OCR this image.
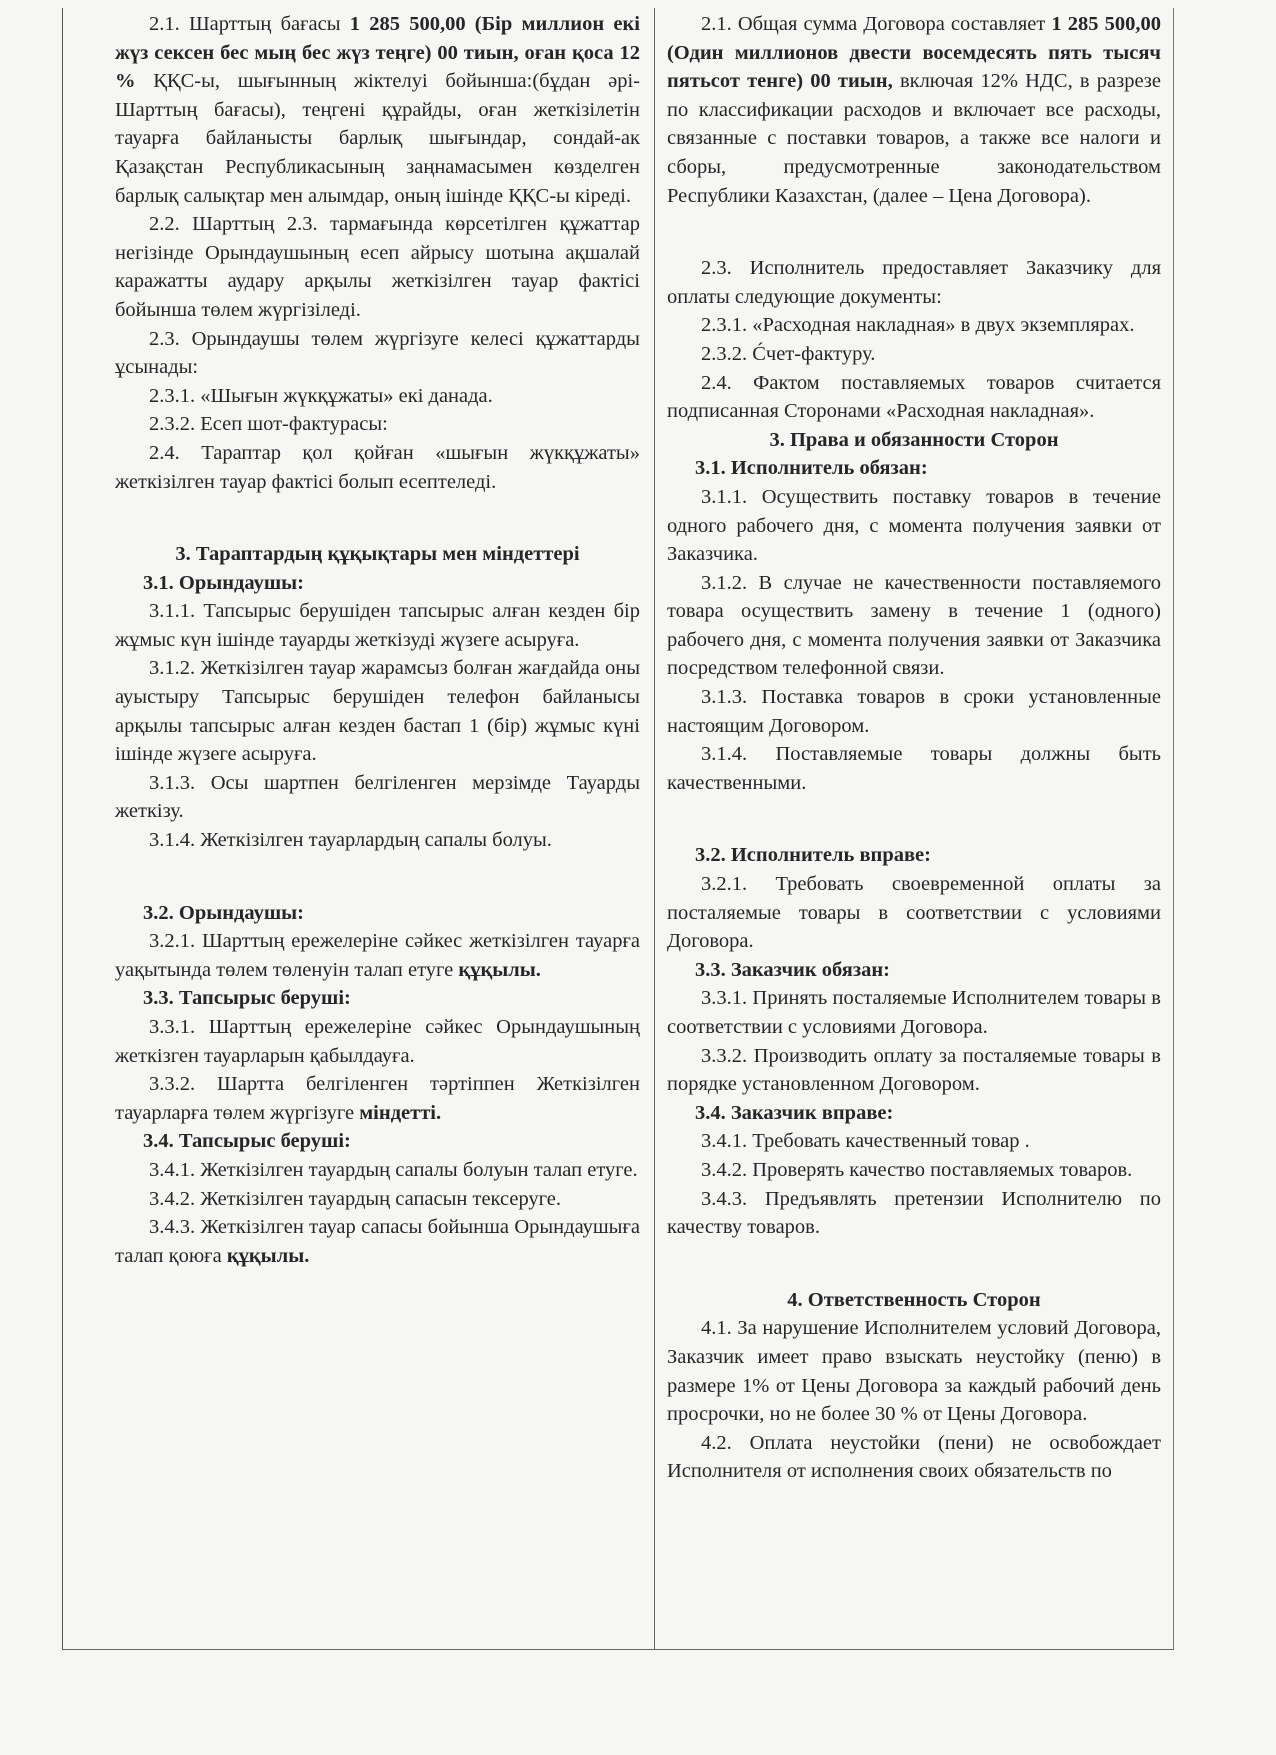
2.1. Шарттың бағасы 1 285 500,00 (Бір миллион екі жүз сексен бес мың бес жүз теңге) 00 тиын, оған қоса 12 % ҚҚС-ы, шығынның жіктелуі бойынша:(бұдан әрі-Шарттың бағасы), теңгені құрайды, оған жеткізілетін тауарға байланысты барлық шығындар, сондай-ак Қазақстан Республикасының заңнамасымен көзделген барлық салықтар мен алымдар, оның ішінде ҚҚС-ы кіреді.

2.2. Шарттың 2.3. тармағында көрсетілген құжаттар негізінде Орындаушының есеп айрысу шотына ақшалай каражатты аудару арқылы жеткізілген тауар фактісі бойынша төлем жүргізіледі.

2.3. Орындаушы төлем жүргізуге келесі құжаттарды ұсынады:

2.3.1. «Шығын жүкқұжаты» екі данада.

2.3.2. Есеп шот-фактурасы:

2.4. Тараптар қол қойған «шығын жүкқұжаты» жеткізілген тауар фактісі болып есептеледі.

3. Тараптардың құқықтары мен міндеттері

3.1. Орындаушы:

3.1.1. Тапсырыс берушіден тапсырыс алған кезден бір жұмыс күн ішінде тауарды жеткізуді жүзеге асыруға.

3.1.2. Жеткізілген тауар жарамсыз болған жағдайда оны ауыстыру Тапсырыс берушіден телефон байланысы арқылы тапсырыс алған кезден бастап 1 (бір) жұмыс күні ішінде жүзеге асыруға.

3.1.3. Осы шартпен белгіленген мерзімде Тауарды жеткізу.

3.1.4. Жеткізілген тауарлардың сапалы болуы.

3.2. Орындаушы:

3.2.1. Шарттың ережелеріне сәйкес жеткізілген тауарға уақытында төлем төленуін талап етуге құқылы.

3.3. Тапсырыс беруші:

3.3.1. Шарттың ережелеріне сәйкес Орындаушының жеткізген тауарларын қабылдауға.

3.3.2. Шартта белгіленген тәртіппен Жеткізілген тауарларға төлем жүргізуге міндетті.

3.4. Тапсырыс беруші:

3.4.1. Жеткізілген тауардың сапалы болуын талап етуге.

3.4.2. Жеткізілген тауардың сапасын тексеруге.

3.4.3. Жеткізілген тауар сапасы бойынша Орындаушыға талап қоюға құқылы.

2.1. Общая сумма Договора составляет 1 285 500,00 (Один миллионов двести восемдесять пять тысяч пятьсот тенге) 00 тиын, включая 12% НДС, в разрезе по классификации расходов и включает все расходы, связанные с поставки товаров, а также все налоги и сборы, предусмотренные законодательством Республики Казахстан, (далее – Цена Договора).

2.3. Исполнитель предоставляет Заказчику для оплаты следующие документы:

2.3.1. «Расходная накладная» в двух экземплярах.

2.3.2. Ćчет-фактуру.

2.4. Фактом поставляемых товаров считается подписанная Сторонами «Расходная накладная».

3. Права и обязанности Сторон

3.1. Исполнитель обязан:

3.1.1. Осуществить поставку товаров в течение одного рабочего дня, с момента получения заявки от Заказчика.

3.1.2. В случае не качественности поставляемого товара осуществить замену в течение 1 (одного) рабочего дня, с момента получения заявки от Заказчика посредством телефонной связи.

3.1.3. Поставка товаров в сроки установленные настоящим Договором.

3.1.4. Поставляемые товары должны быть качественными.

3.2. Исполнитель вправе:

3.2.1. Требовать своевременной оплаты за посталяемые товары в соответствии с условиями Договора.

3.3. Заказчик обязан:

3.3.1. Принять посталяемые Исполнителем товары в соответствии с условиями Договора.

3.3.2. Производить оплату за посталяемые товары в порядке установленном Договором.

3.4. Заказчик вправе:

3.4.1. Требовать качественный товар .

3.4.2. Проверять качество поставляемых товаров.

3.4.3. Предъявлять претензии Исполнителю по качеству товаров.

4. Ответственность Сторон

4.1. За нарушение Исполнителем условий Договора, Заказчик имеет право взыскать неустойку (пеню) в размере 1% от Цены Договора за каждый рабочий день просрочки, но не более 30 % от Цены Договора.

4.2. Оплата неустойки (пени) не освобождает Исполнителя от исполнения своих обязательств по
